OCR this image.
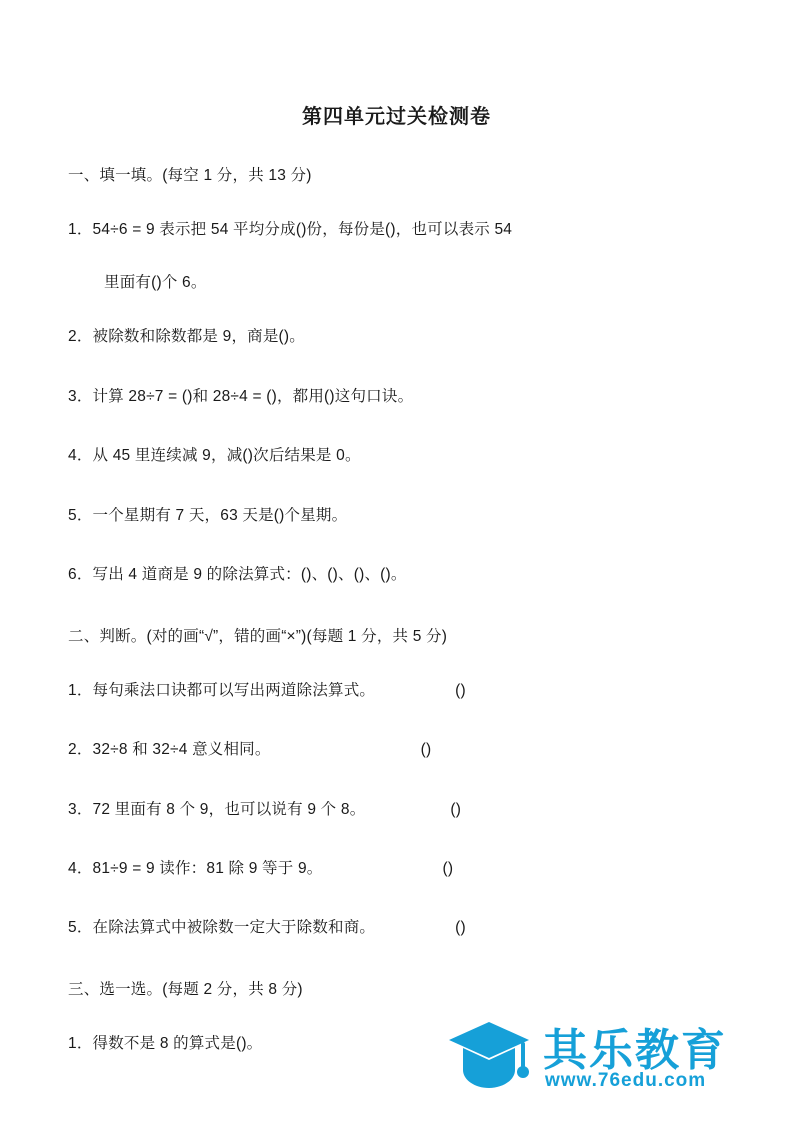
第四单元过关检测卷
一、填一填。(每空 1 分，共 13 分)
1．54÷6 = 9 表示把 54 平均分成()份，每份是()，也可以表示 54
里面有()个 6。
2．被除数和除数都是 9，商是()。
3．计算 28÷7 = ()和 28÷4 = ()，都用()这句口诀。
4．从 45 里连续减 9，减()次后结果是 0。
5．一个星期有 7 天，63 天是()个星期。
6．写出 4 道商是 9 的除法算式：()、()、()、()。
二、判断。(对的画“√”，错的画“×”)(每题 1 分，共 5 分)
1．每句乘法口诀都可以写出两道除法算式。	()
2．32÷8 和 32÷4 意义相同。	()
3．72 里面有 8 个 9，也可以说有 9 个 8。	()
4．81÷9 = 9 读作：81 除 9 等于 9。	()
5．在除法算式中被除数一定大于除数和商。	()
三、选一选。(每题 2 分，共 8 分)
1．得数不是 8 的算式是()。	其乐教育
www.76edu.com
